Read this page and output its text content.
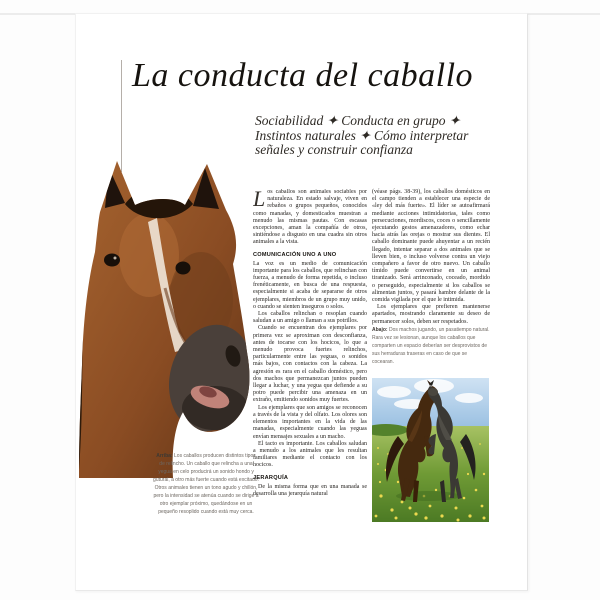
La conducta del caballo

Sociabilidad ✦ Conducta en grupo ✦ Instintos naturales ✦ Cómo interpretar señales y construir confianza

Arriba: Los caballos producen distintos tipos de relincho. Un caballo que relincha a una yegua en celo producirá un sonido hondo y gutural, a otro más fuerte cuando está excitado. Otros animales tienen un tono agudo y chillón, pero la intensidad se atenúa cuando se dirige a otro ejemplar próximo, quedándose en un pequeño resoplido cuando está muy cerca.

Los caballos son animales sociables por naturaleza. En estado salvaje, viven en rebaños o grupos pequeños, conocidos como manadas, y domesticados muestran a menudo las mismas pautas. Con escasas excepciones, aman la compañía de otros, sintiéndose a disgusto en una cuadra sin otros animales a la vista.

COMUNICACIÓN UNO A UNO

La voz es un medio de comunicación importante para los caballos, que relinchan con fuerza, a menudo de forma repetida, o incluso frenéticamente, en busca de una respuesta, especialmente si acaba de separarse de otros ejemplares, miembros de un grupo muy unido, o cuando se sienten inseguros o solos.

Los caballos relinchan o resoplan cuando saludan a un amigo o llaman a sus potrillos.

Cuando se encuentran dos ejemplares por primera vez se aproximan con desconfianza, antes de tocarse con los hocicos, lo que a menudo provoca fuertes relinchos, particularmente entre las yeguas, o sonidos más bajos, con contactos con la cabeza. La agresión es rara en el caballo doméstico, pero dos machos que permanezcan juntos pueden llegar a luchar, y una yegua que defiende a su potro puede percibir una amenaza en un extraño, emitiendo sonidos muy fuertes.

Los ejemplares que son amigos se reconocen a través de la vista y del olfato. Los olores son elementos importantes en la vida de las manadas, especialmente cuando las yeguas envían mensajes sexuales a un macho.

El tacto es importante. Los caballos saludan a menudo a los animales que les resultan familiares mediante el contacto con los hocicos.

JERARQUÍA

De la misma forma que en una manada se desarrolla una jerarquía natural

(véase págs. 38-39), los caballos domésticos en el campo tienden a establecer una especie de «ley del más fuerte». El líder se autoafirmará mediante acciones intimidatorias, tales como persecuciones, mordiscos, coces o sencillamente ejecutando gestos amenazadores, como echar hacia atrás las orejas o mostrar sus dientes. El caballo dominante puede ahuyentar a un recién llegado, intentar separar a dos animales que se lleven bien, o incluso volverse contra un viejo compañero a favor de otro nuevo. Un caballo tímido puede convertirse en un animal tiranizado. Será arrinconado, coceado, mordido o perseguido, especialmente si los caballos se alimentan juntos, y pasará hambre delante de la comida vigilada por el que le intimida.

Los ejemplares que prefieren mantenerse apartados, mostrando claramente su deseo de permanecer solos, deben ser respetados.

Abajo: Dos machos jugando, un pasatiempo natural. Rara vez se lesionan, aunque los caballos que comparten un espacio deberían ser desprovistos de sus herraduras traseras en caso de que se cocearan.
